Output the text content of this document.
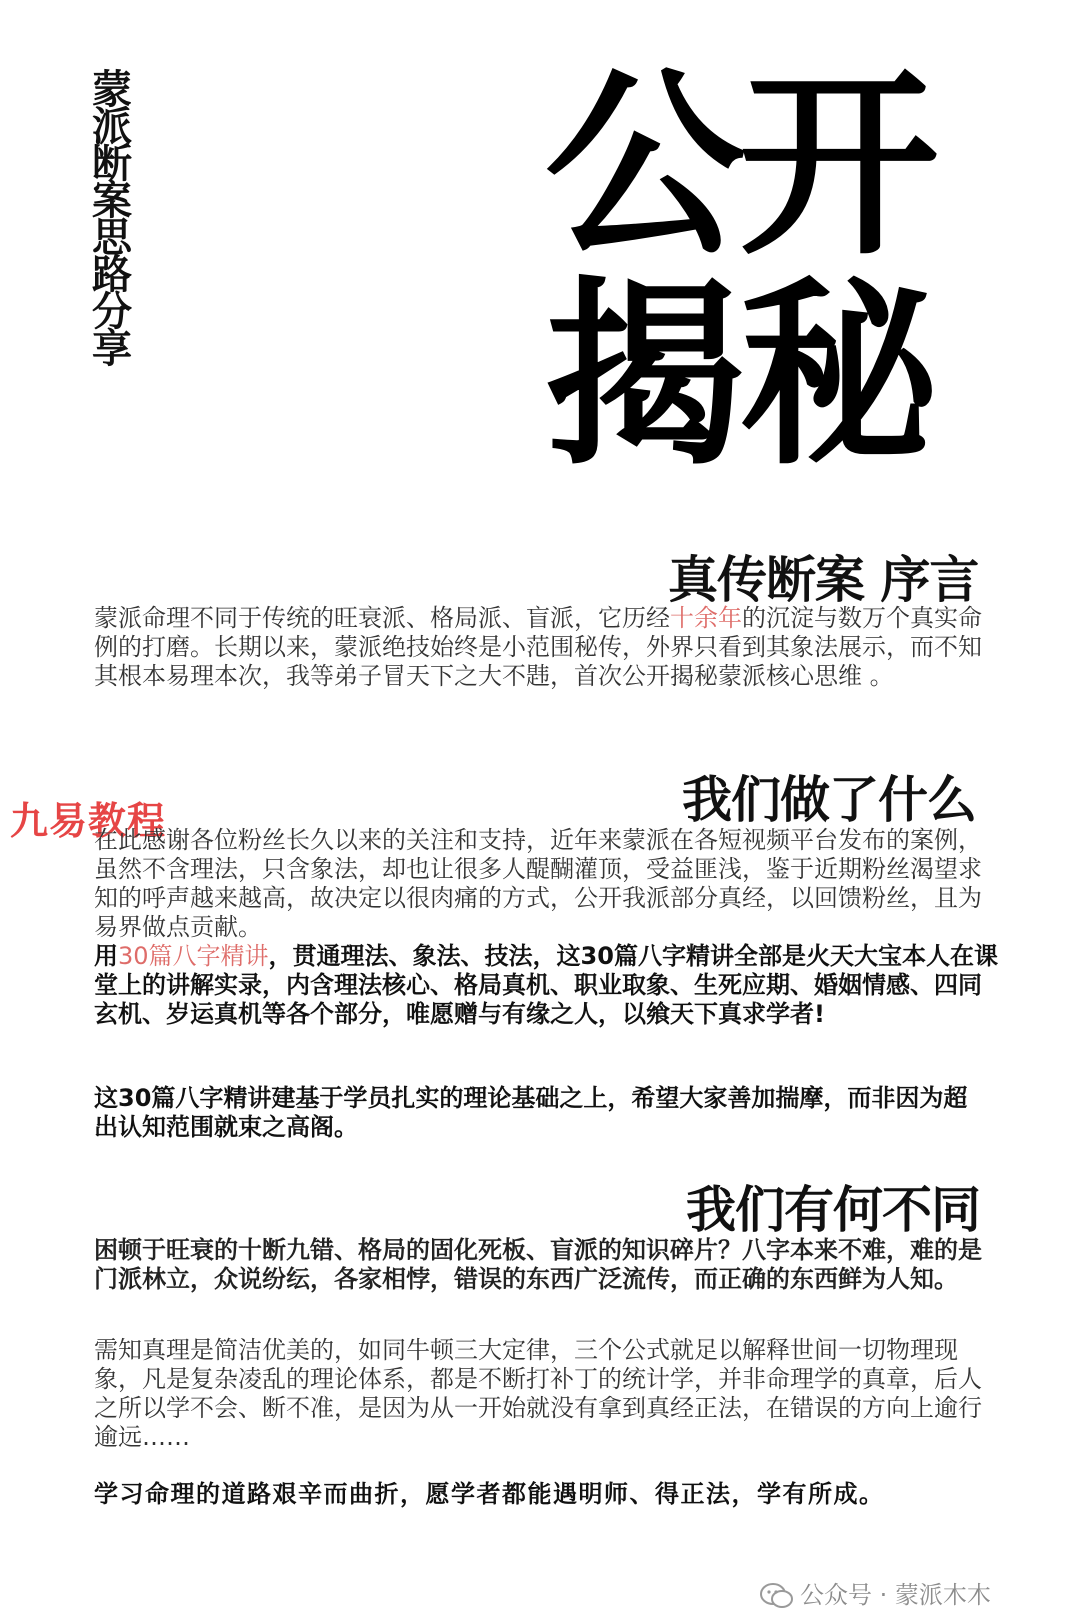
蒙派断案思路分享
公开
揭秘
真传断案 序言

蒙派命理不同于传统的旺衰派、格局派、盲派，它历经十余年的沉淀与数万个真实命例的打磨。长期以来，蒙派绝技始终是小范围秘传，外界只看到其象法展示，而不知其根本易理本次，我等弟子冒天下之大不韪，首次公开揭秘蒙派核心思维 。

九易教程	我们做了什么

在此感谢各位粉丝长久以来的关注和支持，近年来蒙派在各短视频平台发布的案例，虽然不含理法，只含象法，却也让很多人醍醐灌顶，受益匪浅，鉴于近期粉丝渴望求知的呼声越来越高，故决定以很肉痛的方式，公开我派部分真经，以回馈粉丝，且为易界做点贡献。

用30篇八字精讲，贯通理法、象法、技法，这30篇八字精讲全部是火天大宝本人在课堂上的讲解实录，内含理法核心、格局真机、职业取象、生死应期、婚姻情感、四同玄机、岁运真机等各个部分，唯愿赠与有缘之人，以飨天下真求学者!

这30篇八字精讲建基于学员扎实的理论基础之上，希望大家善加揣摩，而非因为超出认知范围就束之高阁。

我们有何不同

困顿于旺衰的十断九错、格局的固化死板、盲派的知识碎片？八字本来不难，难的是门派林立，众说纷纭，各家相悖，错误的东西广泛流传，而正确的东西鲜为人知。

需知真理是简洁优美的，如同牛顿三大定律，三个公式就足以解释世间一切物理现象，凡是复杂凌乱的理论体系，都是不断打补丁的统计学，并非命理学的真章，后人之所以学不会、断不准，是因为从一开始就没有拿到真经正法，在错误的方向上逾行逾远……

学习命理的道路艰辛而曲折，愿学者都能遇明师、得正法，学有所成。

公众号 · 蒙派木木
